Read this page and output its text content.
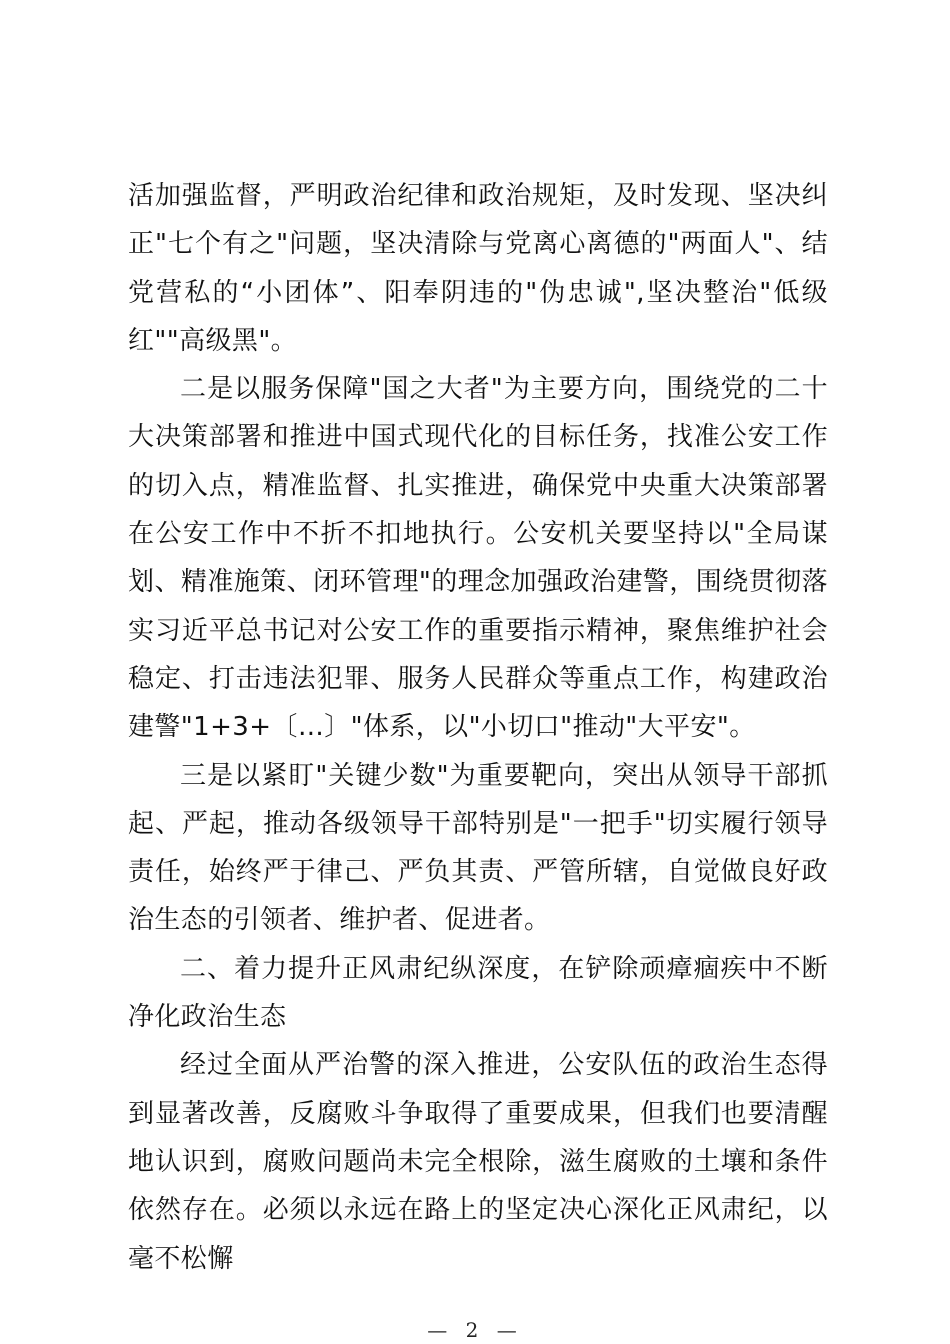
活加强监督，严明政治纪律和政治规矩，及时发现、坚决纠正"七个有之"问题，坚决清除与党离心离德的"两面人"、结党营私的“小团体”、阳奉阴违的"伪忠诚",坚决整治"低级红""高级黑"。

二是以服务保障"国之大者"为主要方向，围绕党的二十大决策部署和推进中国式现代化的目标任务，找准公安工作的切入点，精准监督、扎实推进，确保党中央重大决策部署在公安工作中不折不扣地执行。公安机关要坚持以"全局谋划、精准施策、闭环管理"的理念加强政治建警，围绕贯彻落实习近平总书记对公安工作的重要指示精神，聚焦维护社会稳定、打击违法犯罪、服务人民群众等重点工作，构建政治建警"1+3+〔…〕"体系，以"小切口"推动"大平安"。

三是以紧盯"关键少数"为重要靶向，突出从领导干部抓起、严起，推动各级领导干部特别是"一把手"切实履行领导责任，始终严于律己、严负其责、严管所辖，自觉做良好政治生态的引领者、维护者、促进者。

二、着力提升正风肃纪纵深度，在铲除顽瘴痼疾中不断净化政治生态

经过全面从严治警的深入推进，公安队伍的政治生态得到显著改善，反腐败斗争取得了重要成果，但我们也要清醒地认识到，腐败问题尚未完全根除，滋生腐败的土壤和条件依然存在。必须以永远在路上的坚定决心深化正风肃纪，以毫不松懈

— 2 —
